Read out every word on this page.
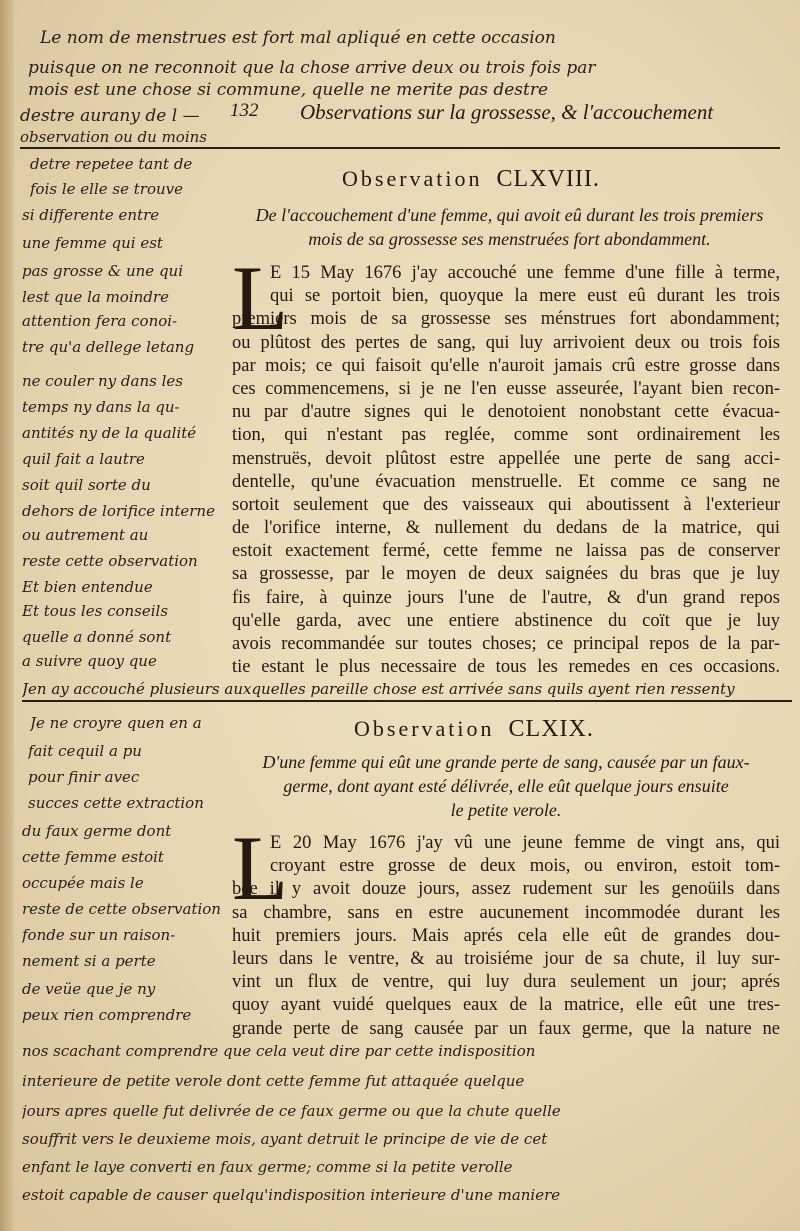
Le nom de menstrues est fort mal apliqué en cette occasion
puisque on ne reconnoit que la chose arrive deux ou trois fois par
mois est une chose si commune, quelle ne merite pas destre
destre aurany de l —	132 Observations sur la grossesse, & l'accouchement
observation ou du moins
detre repetee tant de
fois le elle se trouve
si differente entre
une femme qui est
Observation CLXVIII.
De l'accouchement d'une femme, qui avoit eû durant les trois premiers
mois de sa grossesse ses menstruées fort abondamment.
L
E 15 May 1676 j'ay accouché une femme d'une fille à terme,
qui se portoit bien, quoyque la mere eust eû durant les trois
premiers mois de sa grossesse ses ménstrues fort abondamment;
ou plûtost des pertes de sang, qui luy arrivoient deux ou trois fois
par mois; ce qui faisoit qu'elle n'auroit jamais crû estre grosse dans
ces commencemens, si je ne l'en eusse asseurée, l'ayant bien recon-
nu par d'autre signes qui le denotoient nonobstant cette évacua-
tion, qui n'estant pas reglée, comme sont ordinairement les
menstruës, devoit plûtost estre appellée une perte de sang acci-
dentelle, qu'une évacuation menstruelle. Et comme ce sang ne
sortoit seulement que des vaisseaux qui aboutissent à l'exterieur
de l'orifice interne, & nullement du dedans de la matrice, qui
estoit exactement fermé, cette femme ne laissa pas de conserver
sa grossesse, par le moyen de deux saignées du bras que je luy
fis faire, à quinze jours l'une de l'autre, & d'un grand repos
qu'elle garda, avec une entiere abstinence du coït que je luy
avois recommandée sur toutes choses; ce principal repos de la par-
tie estant le plus necessaire de tous les remedes en ces occasions.
pas grosse & une qui
lest que la moindre
attention fera conoi-
tre qu'a dellege letang
ne couler ny dans les
temps ny dans la qu-
antités ny de la qualité
quil fait a lautre
soit quil sorte du
dehors de lorifice interne
ou autrement au
reste cette observation
Et bien entendue
Et tous les conseils
quelle a donné sont
a suivre quoy que
Jen ay accouché plusieurs auxquelles pareille chose est arrivée sans quils ayent rien ressenty
Observation CLXIX.
D'une femme qui eût une grande perte de sang, causée par un faux-
germe, dont ayant esté délivrée, elle eût quelque jours ensuite
le petite verole.
L
E 20 May 1676 j'ay vû une jeune femme de vingt ans, qui
croyant estre grosse de deux mois, ou environ, estoit tom-
bée il y avoit douze jours, assez rudement sur les genoüils dans
sa chambre, sans en estre aucunement incommodée durant les
huit premiers jours. Mais aprés cela elle eût de grandes dou-
leurs dans le ventre, & au troisiéme jour de sa chute, il luy sur-
vint un flux de ventre, qui luy dura seulement un jour; aprés
quoy ayant vuidé quelques eaux de la matrice, elle eût une tres-
grande perte de sang causée par un faux germe, que la nature ne
Je ne croyre quen en a
fait cequil a pu
pour finir avec
succes cette extraction
du faux germe dont
cette femme estoit
occupée mais le
reste de cette observation
fonde sur un raison-
nement si a perte
de veüe que je ny
peux rien comprendre
nos scachant comprendre que cela veut dire par cette indisposition
interieure de petite verole dont cette femme fut attaquée quelque
jours apres quelle fut delivrée de ce faux germe ou que la chute quelle
souffrit vers le deuxieme mois, ayant detruit le principe de vie de cet
enfant le laye converti en faux germe; comme si la petite verolle
estoit capable de causer quelqu'indisposition interieure d'une maniere
